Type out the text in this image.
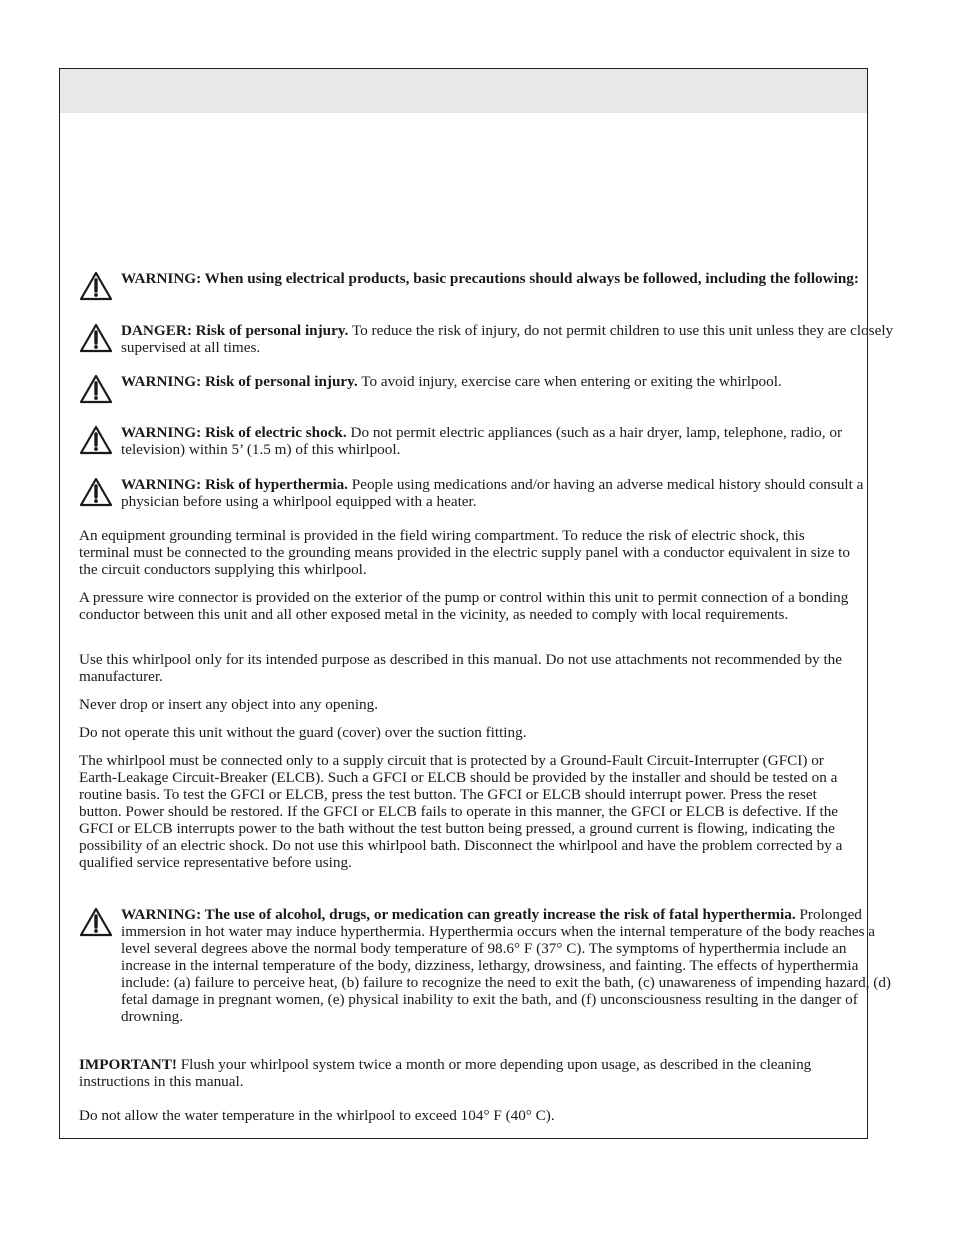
WARNING: When using electrical products, basic precautions should always be followed, including the following:

DANGER: Risk of personal injury. To reduce the risk of injury, do not permit children to use this unit unless they are closely supervised at all times.

WARNING: Risk of personal injury. To avoid injury, exercise care when entering or exiting the whirlpool.

WARNING: Risk of electric shock. Do not permit electric appliances (such as a hair dryer, lamp, telephone, radio, or television) within 5’ (1.5 m) of this whirlpool.

WARNING: Risk of hyperthermia. People using medications and/or having an adverse medical history should consult a physician before using a whirlpool equipped with a heater.

An equipment grounding terminal is provided in the field wiring compartment. To reduce the risk of electric shock, this terminal must be connected to the grounding means provided in the electric supply panel with a conductor equivalent in size to the circuit conductors supplying this whirlpool.

A pressure wire connector is provided on the exterior of the pump or control within this unit to permit connection of a bonding conductor between this unit and all other exposed metal in the vicinity, as needed to comply with local requirements.

Use this whirlpool only for its intended purpose as described in this manual. Do not use attachments not recommended by the manufacturer.

Never drop or insert any object into any opening.

Do not operate this unit without the guard (cover) over the suction fitting.

The whirlpool must be connected only to a supply circuit that is protected by a Ground-Fault Circuit-Interrupter (GFCI) or Earth-Leakage Circuit-Breaker (ELCB). Such a GFCI or ELCB should be provided by the installer and should be tested on a routine basis. To test the GFCI or ELCB, press the test button. The GFCI or ELCB should interrupt power. Press the reset button. Power should be restored. If the GFCI or ELCB fails to operate in this manner, the GFCI or ELCB is defective. If the GFCI or ELCB interrupts power to the bath without the test button being pressed, a ground current is flowing, indicating the possibility of an electric shock. Do not use this whirlpool bath. Disconnect the whirlpool and have the problem corrected by a qualified service representative before using.

WARNING: The use of alcohol, drugs, or medication can greatly increase the risk of fatal hyperthermia. Prolonged immersion in hot water may induce hyperthermia. Hyperthermia occurs when the internal temperature of the body reaches a level several degrees above the normal body temperature of 98.6° F (37° C). The symptoms of hyperthermia include an increase in the internal temperature of the body, dizziness, lethargy, drowsiness, and fainting. The effects of hyperthermia include: (a) failure to perceive heat, (b) failure to recognize the need to exit the bath, (c) unawareness of impending hazard, (d) fetal damage in pregnant women, (e) physical inability to exit the bath, and (f) unconsciousness resulting in the danger of drowning.

IMPORTANT! Flush your whirlpool system twice a month or more depending upon usage, as described in the cleaning instructions in this manual.

Do not allow the water temperature in the whirlpool to exceed 104° F (40° C).
